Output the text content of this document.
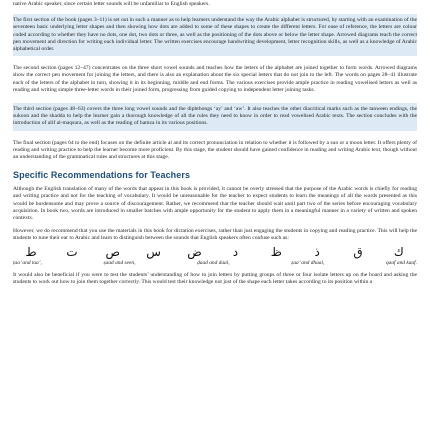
native Arabic speaker, since certain letter sounds will be unfamiliar to English speakers.

The first section of the book (pages 3–11) is set out in such a manner as to help learners understand the way the Arabic alphabet is structured, by starting with an examination of the seventeen basic underlying letter shapes and then showing how dots are added to some of these shapes to create the different letters. For ease of reference, the letters are colour coded according to whether they have no dots, one dot, two dots or three, as well as the positioning of the dots above or below the letter shape. Arrowed diagrams teach the correct pen movement and direction for writing each individual letter. The written exercises encourage handwriting development, letter recognition skills, as well as a knowledge of Arabic alphabetical order.

The second section (pages 12–47) concentrates on the three short vowel sounds and teaches how the letters of the alphabet are joined together to form words. Arrowed diagrams show the correct pen movement for joining the letters, and there is also an explanation about the six special letters that do not join to the left. The words on pages 28–41 illustrate each of the letters of the alphabet in turn, showing it in its beginning, middle and end forms. The various exercises provide ample practice in reading vowelised letters as well as reading and writing simple three-letter words in their joined form, progressing from guided copying to independent letter joining tasks.

The third section (pages 48–63) covers the three long vowel sounds and the diphthongs ‘ay’ and ‘aw’. It also teaches the other diacritical marks such as the tanween endings, the sukoon and the shadda to help the learner gain a thorough knowledge of all the rules they need to know in order to read vowelised Arabic texts. The section concludes with the introduction of alif al-maqsura, as well as the reading of hamza in its various positions.

The final section (pages 64 to the end) focuses on the definite article al and its correct pronunciation in relation to whether it is followed by a sun or a moon letter. It offers plenty of reading and writing practice to help the learner become more proficient. By this stage, the student should have gained confidence in reading and writing Arabic text, though without an understanding of the grammatical rules and structures at this stage.

Specific Recommendations for Teachers

Although the English translation of many of the words that appear in this book is provided, it cannot be overly stressed that the purpose of the Arabic words is chiefly for reading and writing practice and not for the teaching of vocabulary. It would be unreasonable for the teacher to expect students to learn the meanings of all the words presented as this would be burdensome and may prove a source of discouragement. Rather, we recommend that the teacher should wait until part two of the series before encouraging vocabulary acquisition. In book two, words are introduced in smaller batches with ample opportunity for the student to apply them in a meaningful manner in a variety of written and spoken contexts.

However, we do recommend that you use the materials in this book for dictation exercises, rather than just engaging the students in copying and reading practice. This will help the students to tune their ear to Arabic and learn to distinguish between the sounds that English speakers often confuse such as:

ط	ت	ص	س	ض	د	ظ	ذ	ق	ك
ṭaa’ and taa’,	ṣaad and seen,	ḍaad and daal,	ẓaa’ and dhaal,	qaaf and kaaf.

It would also be beneficial if you were to test the students’ understanding of how to join letters by putting groups of three or four isolate letters up on the board and asking the students to work out how to join them together correctly. This would test their knowledge not just of the shape each letter takes according to its position within a
